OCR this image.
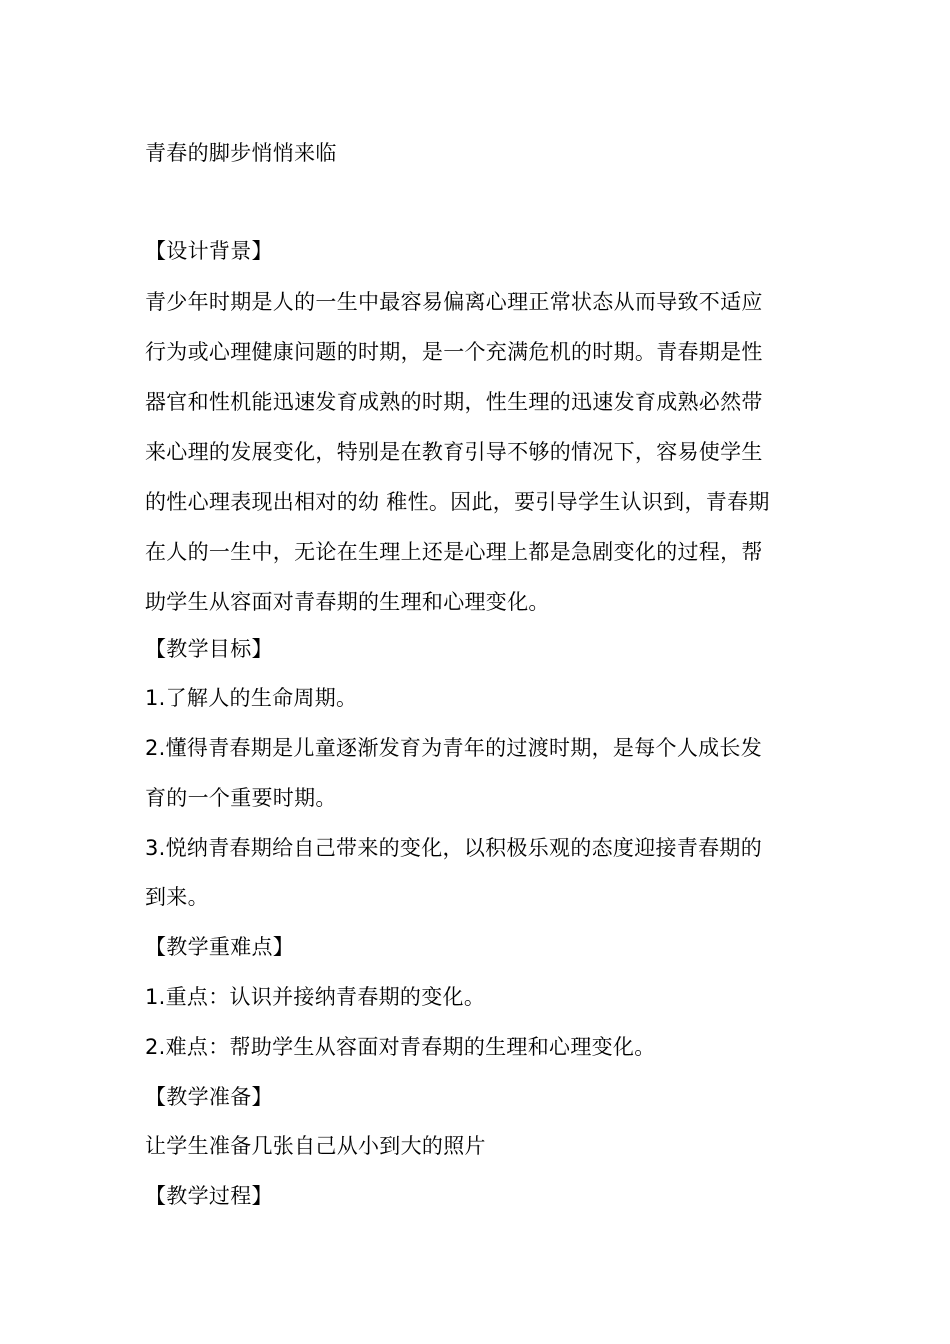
青春的脚步悄悄来临
【设计背景】
青少年时期是人的一生中最容易偏离心理正常状态从而导致不适应
行为或心理健康问题的时期，是一个充满危机的时期。青春期是性
器官和性机能迅速发育成熟的时期，性生理的迅速发育成熟必然带
来心理的发展变化，特别是在教育引导不够的情况下，容易使学生
的性心理表现出相对的幼 稚性。因此，要引导学生认识到，青春期
在人的一生中，无论在生理上还是心理上都是急剧变化的过程，帮
助学生从容面对青春期的生理和心理变化。
【教学目标】
1.了解人的生命周期。
2.懂得青春期是儿童逐渐发育为青年的过渡时期，是每个人成长发
育的一个重要时期。
3.悦纳青春期给自己带来的变化，以积极乐观的态度迎接青春期的
到来。
【教学重难点】
1.重点：认识并接纳青春期的变化。
2.难点：帮助学生从容面对青春期的生理和心理变化。
【教学准备】
让学生准备几张自己从小到大的照片
【教学过程】
